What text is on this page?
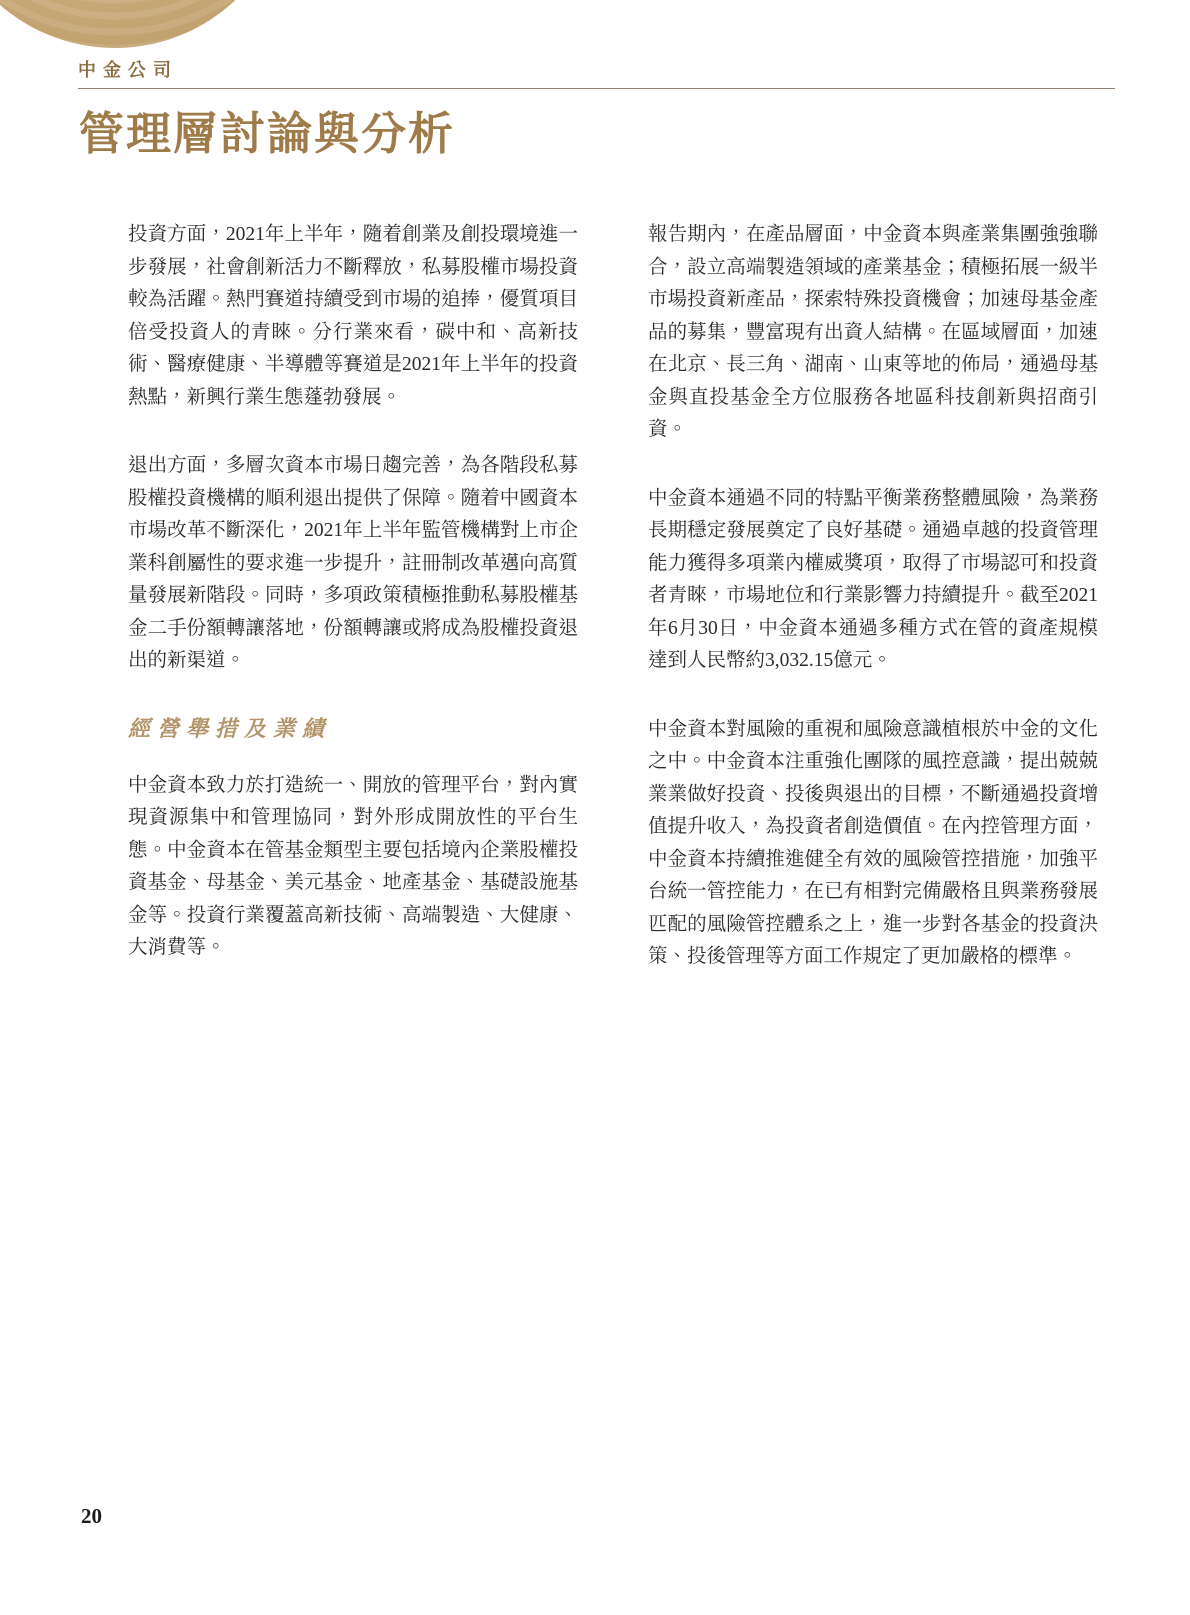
中金公司
管理層討論與分析

投資方面，2021年上半年，隨着創業及創投環境進一步發展，社會創新活力不斷釋放，私募股權市場投資較為活躍。熱門賽道持續受到市場的追捧，優質項目倍受投資人的青睞。分行業來看，碳中和、高新技術、醫療健康、半導體等賽道是2021年上半年的投資熱點，新興行業生態蓬勃發展。

退出方面，多層次資本市場日趨完善，為各階段私募股權投資機構的順利退出提供了保障。隨着中國資本市場改革不斷深化，2021年上半年監管機構對上市企業科創屬性的要求進一步提升，註冊制改革邁向高質量發展新階段。同時，多項政策積極推動私募股權基金二手份額轉讓落地，份額轉讓或將成為股權投資退出的新渠道。

經營舉措及業績

中金資本致力於打造統一、開放的管理平台，對內實現資源集中和管理協同，對外形成開放性的平台生態。中金資本在管基金類型主要包括境內企業股權投資基金、母基金、美元基金、地產基金、基礎設施基金等。投資行業覆蓋高新技術、高端製造、大健康、大消費等。

報告期內，在產品層面，中金資本與產業集團強強聯合，設立高端製造領域的產業基金；積極拓展一級半市場投資新產品，探索特殊投資機會；加速母基金產品的募集，豐富現有出資人結構。在區域層面，加速在北京、長三角、湖南、山東等地的佈局，通過母基金與直投基金全方位服務各地區科技創新與招商引資。

中金資本通過不同的特點平衡業務整體風險，為業務長期穩定發展奠定了良好基礎。通過卓越的投資管理能力獲得多項業內權威獎項，取得了市場認可和投資者青睞，市場地位和行業影響力持續提升。截至2021年6月30日，中金資本通過多種方式在管的資產規模達到人民幣約3,032.15億元。

中金資本對風險的重視和風險意識植根於中金的文化之中。中金資本注重強化團隊的風控意識，提出兢兢業業做好投資、投後與退出的目標，不斷通過投資增值提升收入，為投資者創造價值。在內控管理方面，中金資本持續推進健全有效的風險管控措施，加強平台統一管控能力，在已有相對完備嚴格且與業務發展匹配的風險管控體系之上，進一步對各基金的投資決策、投後管理等方面工作規定了更加嚴格的標準。

20
